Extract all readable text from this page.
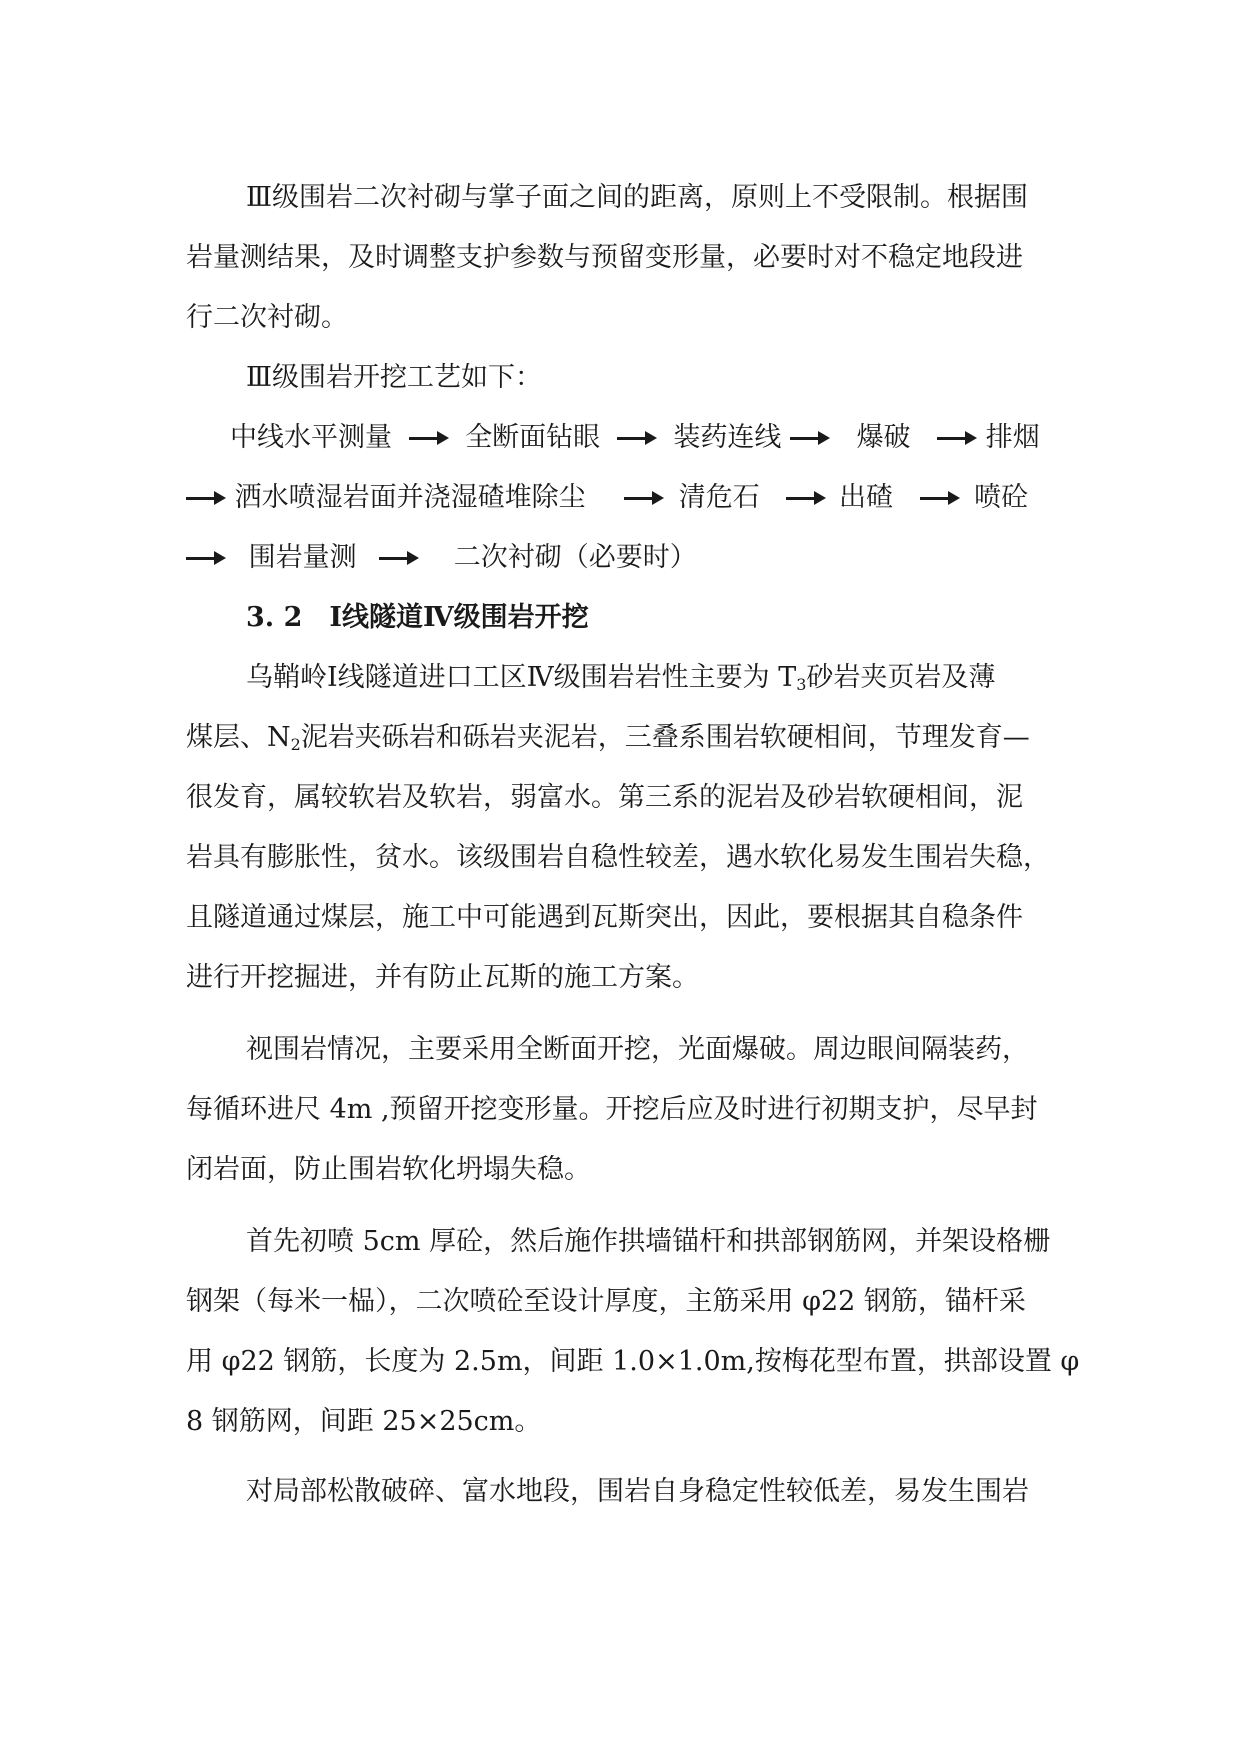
Ⅲ级围岩二次衬砌与掌子面之间的距离，原则上不受限制。根据围
岩量测结果，及时调整支护参数与预留变形量，必要时对不稳定地段进
行二次衬砌。
Ⅲ级围岩开挖工艺如下：
中线水平测量	全断面钻眼	装药连线	爆破	排烟
洒水喷湿岩面并浇湿碴堆除尘	清危石	出碴	喷砼
围岩量测	二次衬砌（必要时）
3. 2　Ⅰ线隧道Ⅳ级围岩开挖
乌鞘岭Ⅰ线隧道进口工区Ⅳ级围岩岩性主要为 $T_3$砂岩夹页岩及薄
煤层、$N_2$泥岩夹砾岩和砾岩夹泥岩，三叠系围岩软硬相间，节理发育—
很发育，属较软岩及软岩，弱富水。第三系的泥岩及砂岩软硬相间，泥
岩具有膨胀性，贫水。该级围岩自稳性较差，遇水软化易发生围岩失稳，
且隧道通过煤层，施工中可能遇到瓦斯突出，因此，要根据其自稳条件
进行开挖掘进，并有防止瓦斯的施工方案。
视围岩情况，主要采用全断面开挖，光面爆破。周边眼间隔装药，
每循环进尺 4m ,预留开挖变形量。开挖后应及时进行初期支护，尽早封
闭岩面，防止围岩软化坍塌失稳。
首先初喷 5cm 厚砼，然后施作拱墙锚杆和拱部钢筋网，并架设格栅
钢架（每米一榀），二次喷砼至设计厚度，主筋采用 φ22 钢筋，锚杆采
用 φ22 钢筋，长度为 2.5m，间距 1.0×1.0m,按梅花型布置，拱部设置 φ
8 钢筋网，间距 25×25cm。
对局部松散破碎、富水地段，围岩自身稳定性较低差，易发生围岩
